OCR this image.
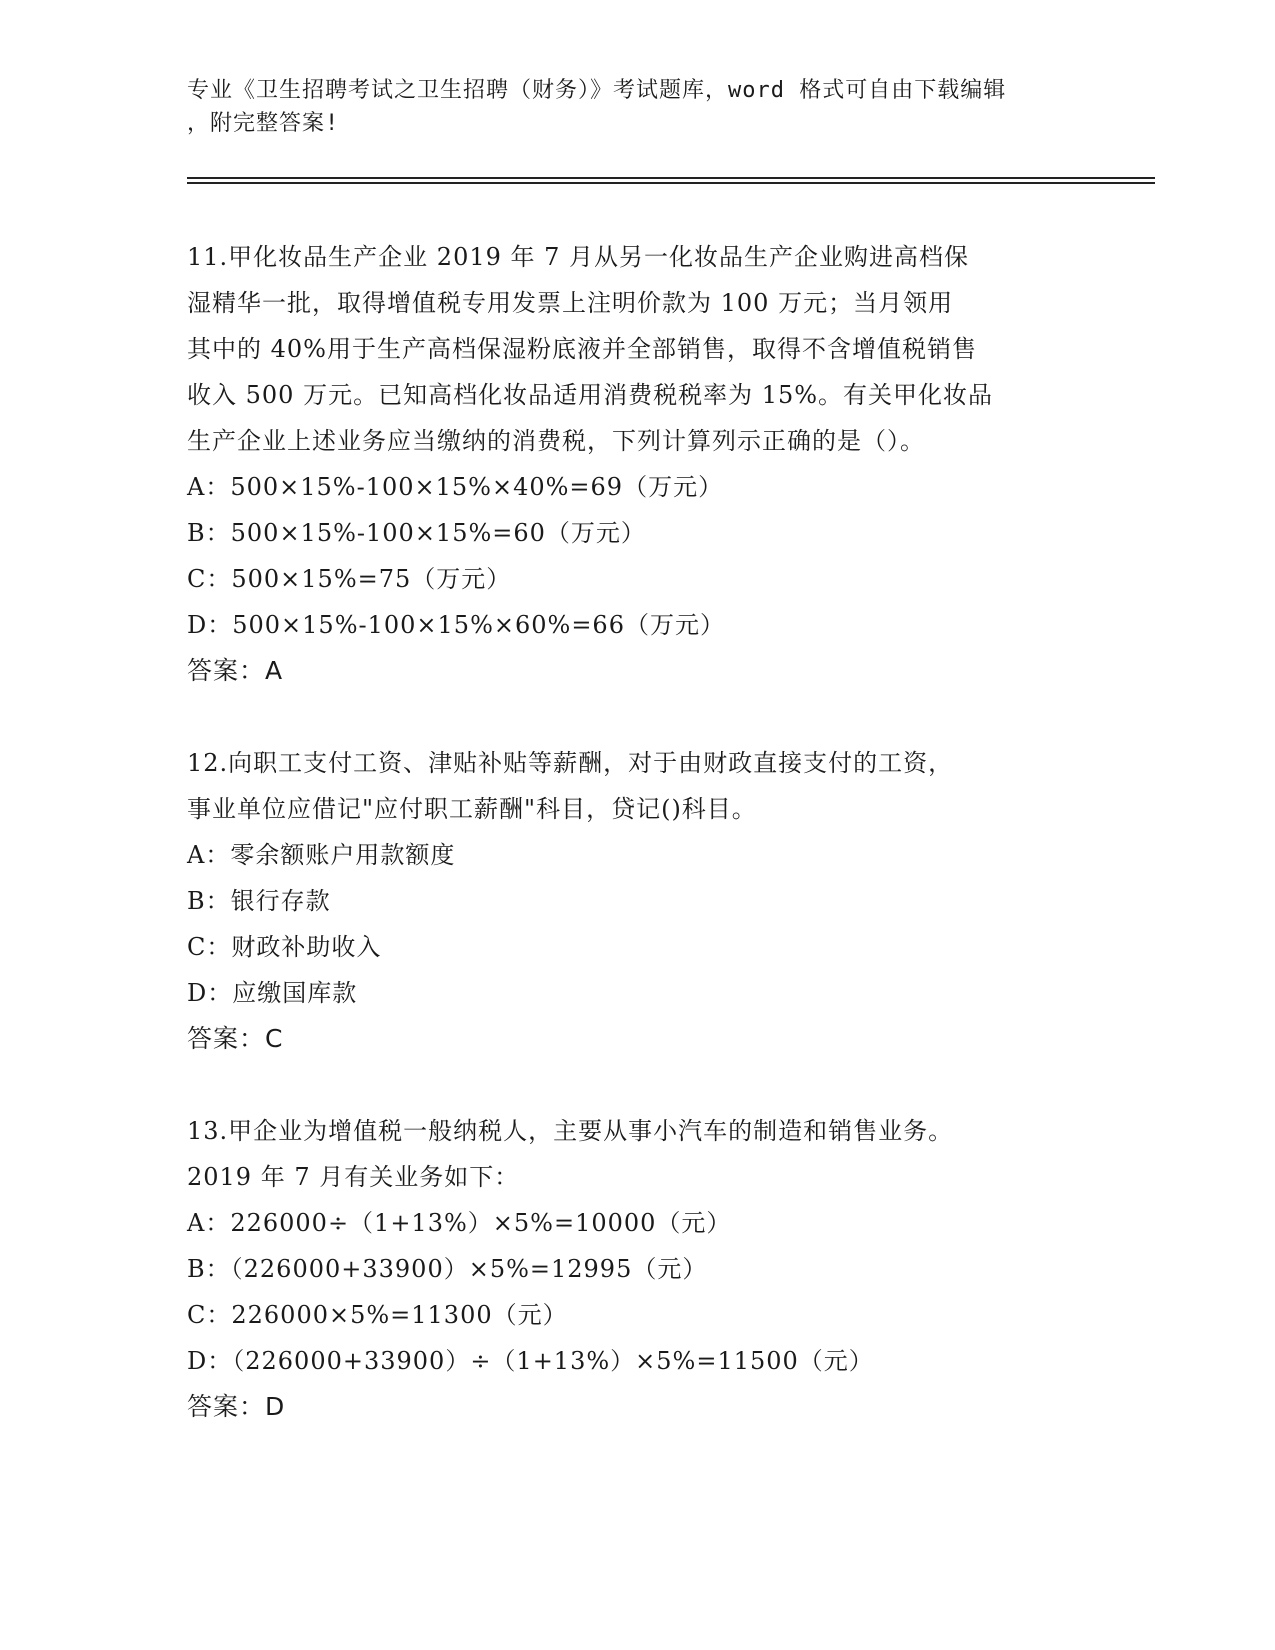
专业《卫生招聘考试之卫生招聘（财务）》考试题库，word 格式可自由下载编辑
，附完整答案!

11.甲化妆品生产企业 2019 年 7 月从另一化妆品生产企业购进高档保

湿精华一批，取得增值税专用发票上注明价款为 100 万元；当月领用

其中的 40%用于生产高档保湿粉底液并全部销售，取得不含增值税销售

收入 500 万元。已知高档化妆品适用消费税税率为 15%。有关甲化妆品

生产企业上述业务应当缴纳的消费税，下列计算列示正确的是（）。

A：500×15%-100×15%×40%=69（万元）

B：500×15%-100×15%=60（万元）

C：500×15%=75（万元）

D：500×15%-100×15%×60%=66（万元）

答案：A

12.向职工支付工资、津贴补贴等薪酬，对于由财政直接支付的工资，

事业单位应借记"应付职工薪酬"科目，贷记()科目。

A：零余额账户用款额度

B：银行存款

C：财政补助收入

D：应缴国库款

答案：C

13.甲企业为增值税一般纳税人，主要从事小汽车的制造和销售业务。

2019 年 7 月有关业务如下：

A：226000÷（1+13%）×5%=10000（元）

B：（226000+33900）×5%=12995（元）

C：226000×5%=11300（元）

D：（226000+33900）÷（1+13%）×5%=11500（元）

答案：D
